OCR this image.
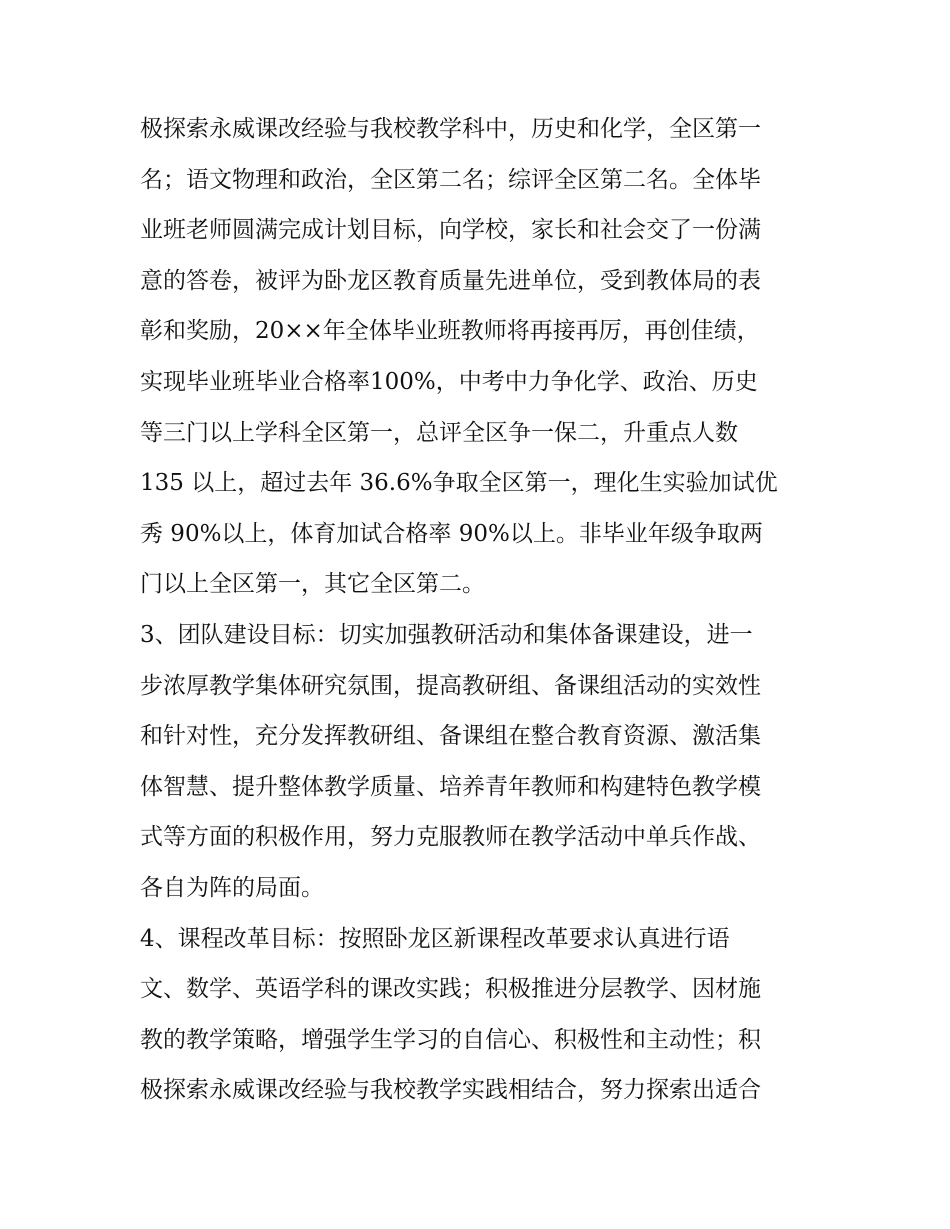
极探索永威课改经验与我校教学科中，历史和化学，全区第一
名；语文物理和政治，全区第二名；综评全区第二名。全体毕
业班老师圆满完成计划目标，向学校，家长和社会交了一份满
意的答卷，被评为卧龙区教育质量先进单位，受到教体局的表
彰和奖励，20××年全体毕业班教师将再接再厉，再创佳绩，
实现毕业班毕业合格率100%，中考中力争化学、政治、历史
等三门以上学科全区第一，总评全区争一保二，升重点人数
135 以上，超过去年 36.6%争取全区第一，理化生实验加试优
秀 90%以上，体育加试合格率 90%以上。非毕业年级争取两
门以上全区第一，其它全区第二。
3、团队建设目标：切实加强教研活动和集体备课建设，进一
步浓厚教学集体研究氛围，提高教研组、备课组活动的实效性
和针对性，充分发挥教研组、备课组在整合教育资源、激活集
体智慧、提升整体教学质量、培养青年教师和构建特色教学模
式等方面的积极作用，努力克服教师在教学活动中单兵作战、
各自为阵的局面。
4、课程改革目标：按照卧龙区新课程改革要求认真进行语
文、数学、英语学科的课改实践；积极推进分层教学、因材施
教的教学策略，增强学生学习的自信心、积极性和主动性；积
极探索永威课改经验与我校教学实践相结合，努力探索出适合
